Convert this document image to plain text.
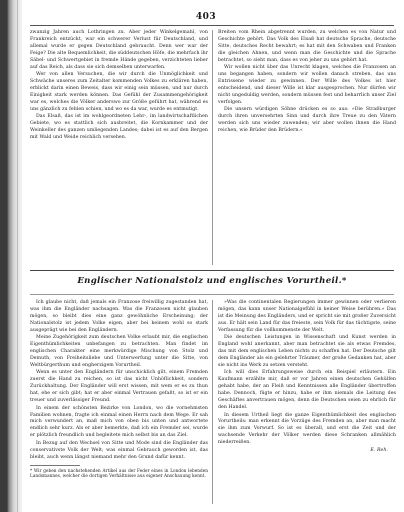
403

zwanzig Jahren auch Lothringen zu. Aber jeder Winkelgemahl, von Frankreich entzückt, war ein schwerer Verlust für Deutschland, und allemal wurde er gegen Deutschland gebraucht. Denn wer war der Feige? Die alte Bequemlichkeit, die süddeutschen Höfe, die mehrfach ihr Säbel- und Schwertgebiet in fremde Hände gegeben, verzichteten lieber auf das Reich, als dass sie sich demselben unterwarfen.

Wer von allen Versuchen, die wir durch die Unmöglichkeit und Schwäche unseres zum Zeitalter kommenden Volkes zu erklären haben, erblickt darin einen Beweis, dass wir einig sein müssen, und nur durch Einigkeit stark werden können. Das Gefühl der Zusammengehörigkeit war es, welches die Völker anderswo zur Größe geführt hat, während es uns gänzlich zu fehlen schien, und wo es da war, wurde es entmutigt.

Das Elsaß, das ist im wohlgeordneten Lehr-, im landwirtschaftlichen Gebiete, wo es stattlich sich ausbreitet, die Kornkammer und der Weinkeller des ganzen umliegenden Landes; dabei ist es auf den Bergen mit Wald und Weide reichlich versehen.

Breiten vom Rhein abgetrennt wurden, zu welchen es von Natur und Geschichte gehört. Das Volk des Elsaß hat deutsche Sprache, deutsche Sitte, deutsches Recht bewahrt; es hat mit den Schwaben und Franken die gleichen Ahnen, und wenn man die Geschichte und die Sprache betrachtet, so sieht man, dass es von jeher zu uns gehört hat.

Wir wollen nicht über das Unrecht klagen, welches die Franzosen an uns begangen haben, sondern wir wollen danach streben, das uns Entrissene wieder zu gewinnen. Der Wille des Volkes ist hier entscheidend, und dieser Wille ist klar ausgesprochen. Nur dürfen wir nicht ungeduldig werden, sondern müssen fest und beharrlich unser Ziel verfolgen.

Die unsern würdigen Söhne drücken es so aus: »Die Straßburger durch ihren unversehrten Sinn und durch ihre Treue zu den Vätern werden sich uns wieder zuwenden; wir aber wollen ihnen die Hand reichen, wie Brüder den Brüdern.«

Englischer Nationalstolz und englisches Vorurtheil.*

Ich glaube nicht, daß jemals ein Franzose freiwillig zugestanden hat, was ihm die Engländer nachsagen. Was die Franzosen nicht glauben mögen, so bleibt dies eine ganz gewöhnliche Erscheinung; der Nationalstolz ist jedem Volke eigen, aber bei keinem wohl so stark ausgeprägt wie bei den Engländern.

Meine Zugehörigkeit zum deutschen Volke erlaubt mir, die englischen Eigenthümlichkeiten unbefangen zu betrachten. Man findet im englischen Charakter eine merkwürdige Mischung von Stolz und Demuth, von Freiheitsliebe und Unterwerfung unter die Sitte, von Weltbürgerthum und engherzigem Vorurtheil.

Wenn es unter den Engländern für unschicklich gilt, einem Fremden zuerst die Hand zu reichen, so ist das nicht Unhöflichkeit, sondern Zurückhaltung. Der Engländer will erst wissen, mit wem er es zu thun hat, ehe er sich gibt; hat er aber einmal Vertrauen gefaßt, so ist er ein treuer und zuverlässiger Freund.

In einem der schönsten Bezirke von London, wo die vornehmsten Familien wohnen, fragte ich einmal einen Herrn nach dem Wege. Er sah mich verwundert an, maß mich von oben bis unten und antwortete endlich sehr kurz. Als er aber bemerkte, daß ich ein Fremder sei, wurde er plötzlich freundlich und begleitete mich selbst bis an das Ziel.

In Bezug auf den Wechsel von Sitte und Mode sind die Engländer das conservativste Volk der Welt; was einmal Gebrauch geworden ist, das bleibt, auch wenn längst niemand mehr den Grund dafür kennt.

* Wir geben den nachstehenden Artikel aus der Feder eines in London lebenden Landsmannes, welcher die dortigen Verhältnisse aus eigener Anschauung kennt.

»Was die continentalen Regierungen immer gewinnen oder verlieren mögen, das kann unser Nationalgefühl in keiner Weise berühren.« Das ist die Meinung des Engländers, und er spricht sie mit großer Zuversicht aus. Er hält sein Land für das freieste, sein Volk für das tüchtigste, seine Verfassung für die vollkommenste der Welt.

Die deutschen Leistungen in Wissenschaft und Kunst werden in England wohl anerkannt, aber man betrachtet sie als etwas Fremdes, das mit dem englischen Leben nichts zu schaffen hat. Der Deutsche gilt dem Engländer als ein gelehrter Träumer, der große Gedanken hat, aber sie nicht ins Werk zu setzen versteht.

Ich will dies Erfahrungsweise durch ein Beispiel erläutern. Ein Kaufmann erzählte mir, daß er vor Jahren einen deutschen Gehülfen gehabt habe, der an Fleiß und Kenntnissen alle Engländer übertroffen habe. Dennoch, fügte er hinzu, habe er ihm niemals die Leitung des Geschäftes anvertrauen mögen, denn die Deutschen seien zu ehrlich für den Handel.

In diesem Urtheil liegt die ganze Eigenthümlichkeit des englischen Vorurtheils: man erkennt die Vorzüge des Fremden an, aber man macht sie ihm zum Vorwurf. So ist es überall, und erst die Zeit und der wachsende Verkehr der Völker werden diese Schranken allmählich niederreißen.

E. Reh.
